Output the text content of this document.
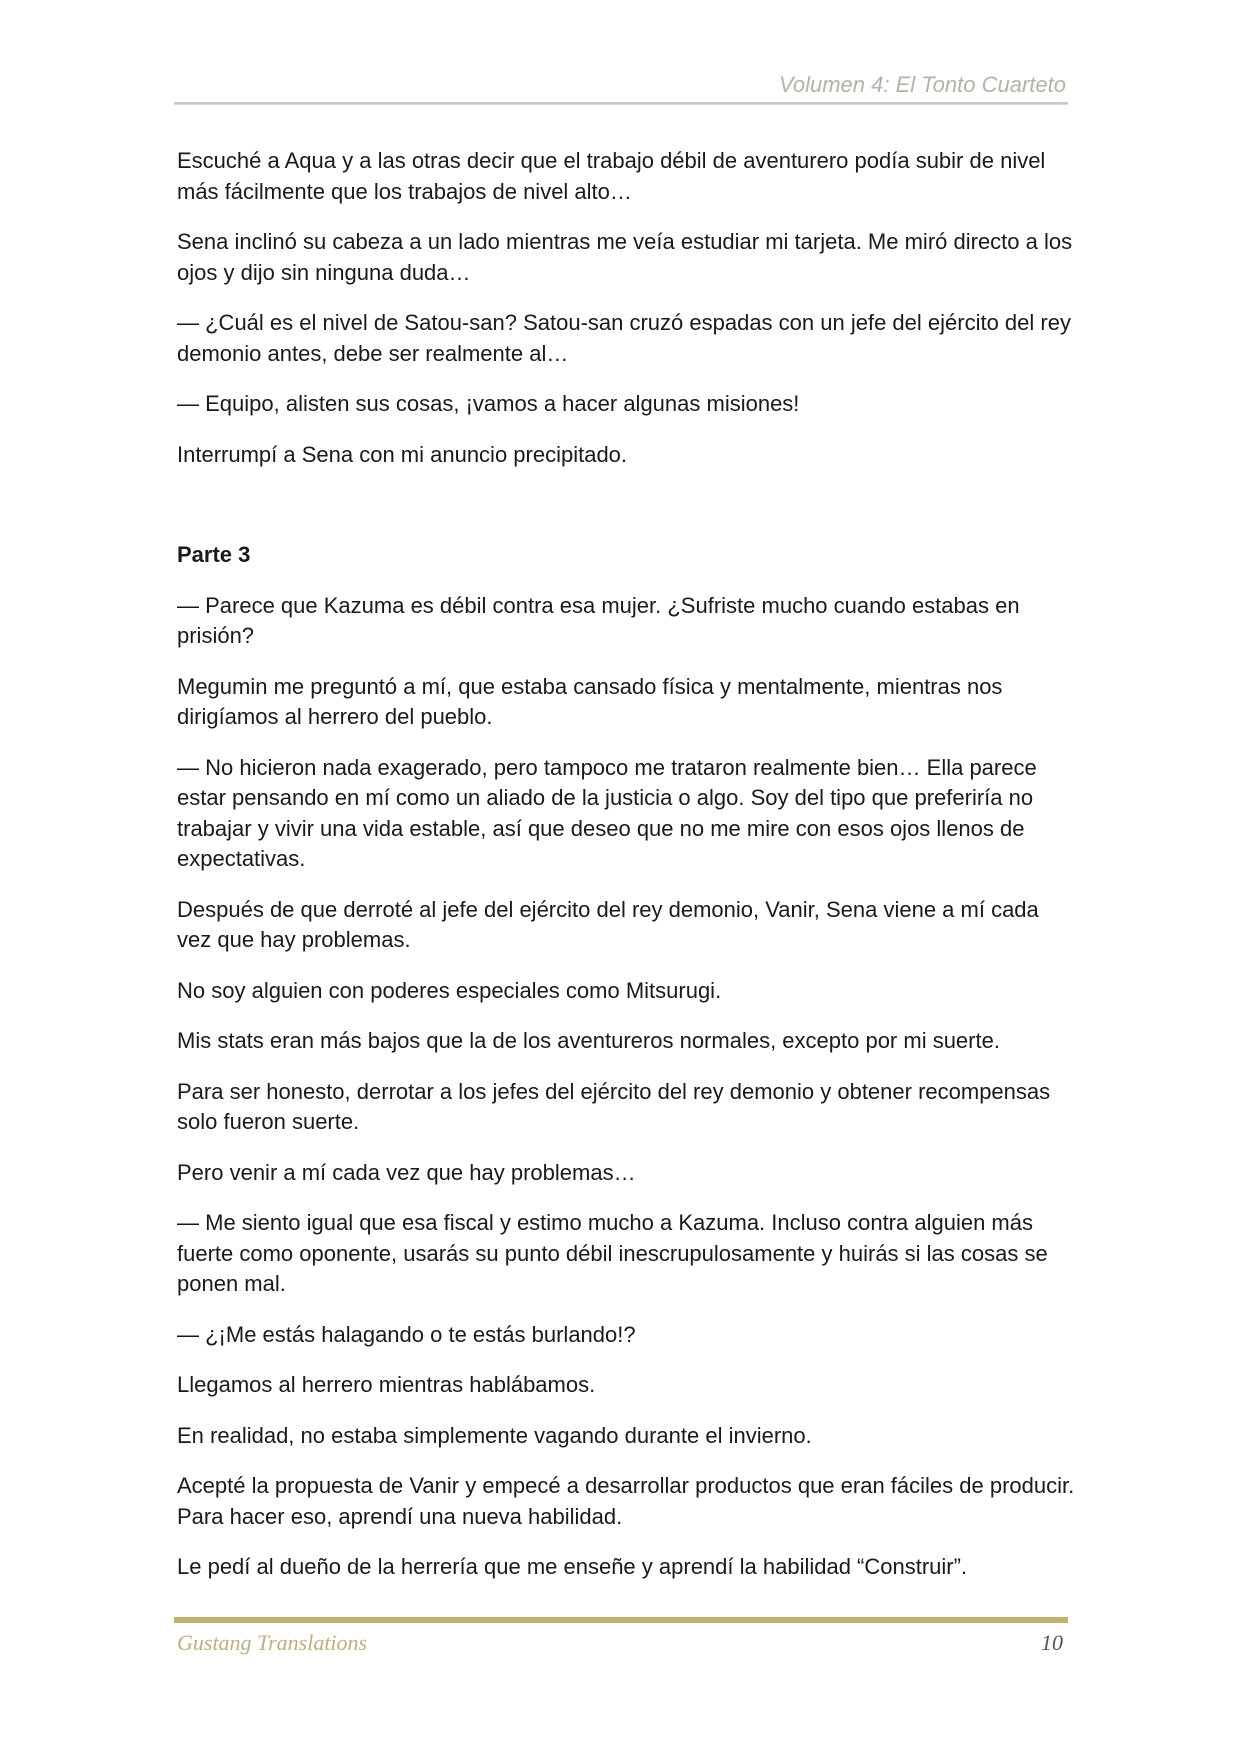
Volumen 4: El Tonto Cuarteto

Escuché a Aqua y a las otras decir que el trabajo débil de aventurero podía subir de nivel más fácilmente que los trabajos de nivel alto…

Sena inclinó su cabeza a un lado mientras me veía estudiar mi tarjeta. Me miró directo a los ojos y dijo sin ninguna duda…

— ¿Cuál es el nivel de Satou-san? Satou-san cruzó espadas con un jefe del ejército del rey demonio antes, debe ser realmente al…

— Equipo, alisten sus cosas, ¡vamos a hacer algunas misiones!

Interrumpí a Sena con mi anuncio precipitado.

Parte 3

— Parece que Kazuma es débil contra esa mujer. ¿Sufriste mucho cuando estabas en prisión?

Megumin me preguntó a mí, que estaba cansado física y mentalmente, mientras nos dirigíamos al herrero del pueblo.

— No hicieron nada exagerado, pero tampoco me trataron realmente bien… Ella parece estar pensando en mí como un aliado de la justicia o algo. Soy del tipo que preferiría no trabajar y vivir una vida estable, así que deseo que no me mire con esos ojos llenos de expectativas.

Después de que derroté al jefe del ejército del rey demonio, Vanir, Sena viene a mí cada vez que hay problemas.

No soy alguien con poderes especiales como Mitsurugi.

Mis stats eran más bajos que la de los aventureros normales, excepto por mi suerte.

Para ser honesto, derrotar a los jefes del ejército del rey demonio y obtener recompensas solo fueron suerte.

Pero venir a mí cada vez que hay problemas…

— Me siento igual que esa fiscal y estimo mucho a Kazuma. Incluso contra alguien más fuerte como oponente, usarás su punto débil inescrupulosamente y huirás si las cosas se ponen mal.

— ¿¡Me estás halagando o te estás burlando!?

Llegamos al herrero mientras hablábamos.

En realidad, no estaba simplemente vagando durante el invierno.

Acepté la propuesta de Vanir y empecé a desarrollar productos que eran fáciles de producir. Para hacer eso, aprendí una nueva habilidad.

Le pedí al dueño de la herrería que me enseñe y aprendí la habilidad “Construir”.

Gustang Translations	10
